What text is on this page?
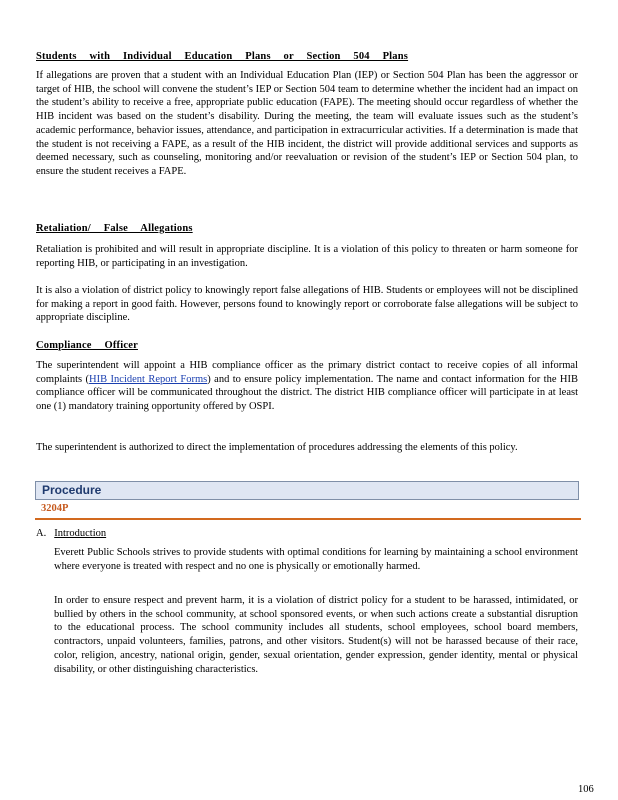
Students with Individual Education Plans or Section 504 Plans

If allegations are proven that a student with an Individual Education Plan (IEP) or Section 504 Plan has been the aggressor or target of HIB, the school will convene the student’s IEP or Section 504 team to determine whether the incident had an impact on the student’s ability to receive a free, appropriate public education (FAPE). The meeting should occur regardless of whether the HIB incident was based on the student’s disability. During the meeting, the team will evaluate issues such as the student’s academic performance, behavior issues, attendance, and participation in extracurricular activities. If a determination is made that the student is not receiving a FAPE, as a result of the HIB incident, the district will provide additional services and supports as deemed necessary, such as counseling, monitoring and/or reevaluation or revision of the student’s IEP or Section 504 plan, to ensure the student receives a FAPE.

Retaliation/ False Allegations

Retaliation is prohibited and will result in appropriate discipline. It is a violation of this policy to threaten or harm someone for reporting HIB, or participating in an investigation.

It is also a violation of district policy to knowingly report false allegations of HIB. Students or employees will not be disciplined for making a report in good faith. However, persons found to knowingly report or corroborate false allegations will be subject to appropriate discipline.

Compliance Officer

The superintendent will appoint a HIB compliance officer as the primary district contact to receive copies of all informal complaints (HIB Incident Report Forms) and to ensure policy implementation. The name and contact information for the HIB compliance officer will be communicated throughout the district. The district HIB compliance officer will participate in at least one (1) mandatory training opportunity offered by OSPI.

The superintendent is authorized to direct the implementation of procedures addressing the elements of this policy.

Procedure
3204P
A. Introduction

Everett Public Schools strives to provide students with optimal conditions for learning by maintaining a school environment where everyone is treated with respect and no one is physically or emotionally harmed.

In order to ensure respect and prevent harm, it is a violation of district policy for a student to be harassed, intimidated, or bullied by others in the school community, at school sponsored events, or when such actions create a substantial disruption to the educational process. The school community includes all students, school employees, school board members, contractors, unpaid volunteers, families, patrons, and other visitors. Student(s) will not be harassed because of their race, color, religion, ancestry, national origin, gender, sexual orientation, gender expression, gender identity, mental or physical disability, or other distinguishing characteristics.

106
